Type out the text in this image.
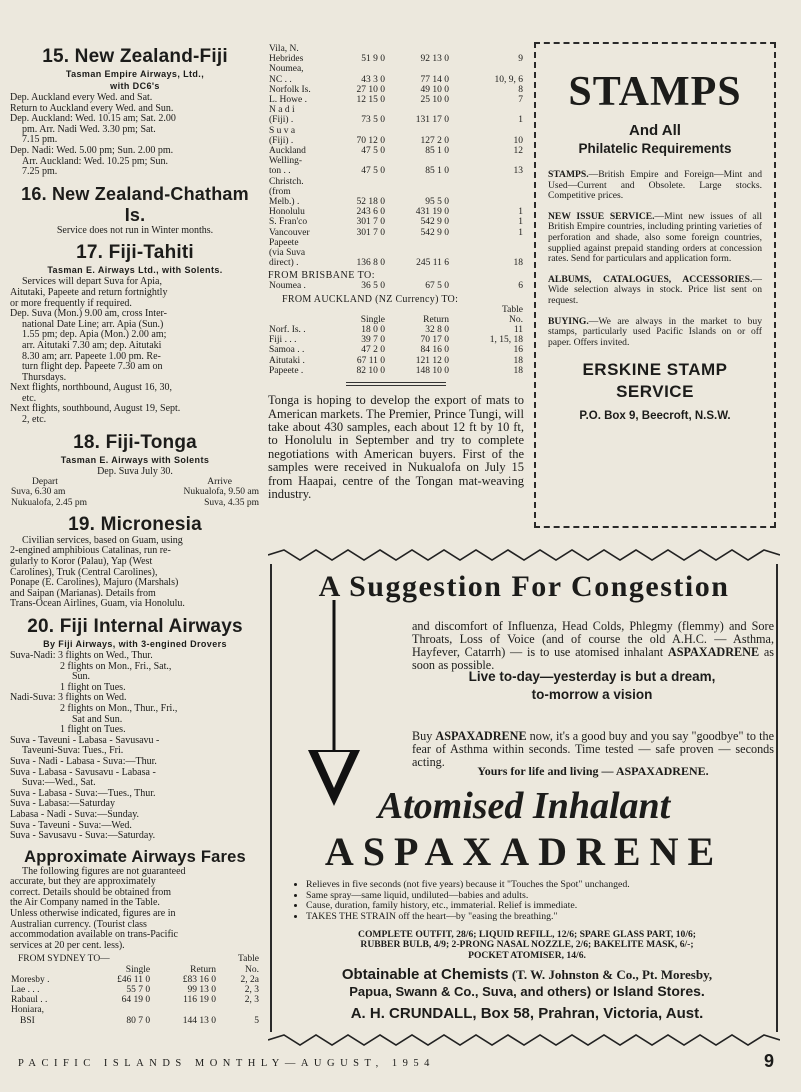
15. New Zealand-Fiji
Tasman Empire Airways, Ltd.,
with DC6's

Dep. Auckland every Wed. and Sat.

Return to Auckland every Wed. and Sun.

Dep. Auckland: Wed. 10.15 am; Sat. 2.00

pm. Arr. Nadi Wed. 3.30 pm; Sat.

7.15 pm.

Dep. Nadi: Wed. 5.00 pm; Sun. 2.00 pm.

Arr. Auckland: Wed. 10.25 pm; Sun.

7.25 pm.

16. New Zealand-Chatham Is.

Service does not run in Winter months.

17. Fiji-Tahiti
Tasman E. Airways Ltd., with Solents.

Services will depart Suva for Apia,

Aitutaki, Papeete and return fortnightly

or more frequently if required.

Dep. Suva (Mon.) 9.00 am, cross Inter-

national Date Line; arr. Apia (Sun.)

1.55 pm; dep. Apia (Mon.) 2.00 am;

arr. Aitutaki 7.30 am; dep. Aitutaki

8.30 am; arr. Papeete 1.00 pm. Re-

turn flight dep. Papeete 7.30 am on

Thursdays.

Next flights, northbound, August 16, 30,

etc.

Next flights, southbound, August 19, Sept.

2, etc.

18. Fiji-Tonga
Tasman E. Airways with Solents

Dep. Suva July 30.

Depart	Arrive
Suva, 6.30 am	Nukualofa, 9.50 am
Nukualofa, 2.45 pm	Suva, 4.35 pm
19. Micronesia

Civilian services, based on Guam, using

2-engined amphibious Catalinas, run re-

gularly to Koror (Palau), Yap (West

Carolines), Truk (Central Carolines),

Ponape (E. Carolines), Majuro (Marshals)

and Saipan (Marianas). Details from

Trans-Ocean Airlines, Guam, via Honolulu.

20. Fiji Internal Airways
By Fiji Airways, with 3-engined Drovers

Suva-Nadi: 3 flights on Wed., Thur.

2 flights on Mon., Fri., Sat.,

Sun.

1 flight on Tues.

Nadi-Suva: 3 flights on Wed.

2 flights on Mon., Thur., Fri.,

Sat and Sun.

1 flight on Tues.

Suva - Taveuni - Labasa - Savusavu -

Taveuni-Suva: Tues., Fri.

Suva - Nadi - Labasa - Suva:—Thur.

Suva - Labasa - Savusavu - Labasa -

Suva:—Wed., Sat.

Suva - Labasa - Suva:—Tues., Thur.

Suva - Labasa:—Saturday

Labasa - Nadi - Suva:—Sunday.

Suva - Taveuni - Suva:—Wed.

Suva - Savusavu - Suva:—Saturday.

Approximate Airways Fares

The following figures are not guaranteed

accurate, but they are approximately

correct. Details should be obtained from

the Air Company named in the Table.

Unless otherwise indicated, figures are in

Australian currency. (Tourist class

accommodation available on trans-Pacific

services at 20 per cent. less).

FROM SYDNEY TO—			Table
	Single	Return	No.
Moresby .	£46 11 0	£83 16 0	2, 2a
Lae . . .	55 7 0	99 13 0	2, 3
Rabaul . .	64 19 0	116 19 0	2, 3
Honiara,			
BSI	80 7 0	144 13 0	5
Vila, N.			
Hebrides	51 9 0	92 13 0	9
Noumea,			
NC . .	43 3 0	77 14 0	10, 9, 6
Norfolk Is.	27 10 0	49 10 0	8
L. Howe .	12 15 0	25 10 0	7
N a d i			
(Fiji) .	73 5 0	131 17 0	1
S u v a			
(Fiji) .	70 12 0	127 2 0	10
Auckland	47 5 0	85 1 0	12
Welling-			
ton . .	47 5 0	85 1 0	13
Christch.			
(from			
Melb.) .	52 18 0	95 5 0	
Honolulu	243 6 0	431 19 0	1
S. Fran'co	301 7 0	542 9 0	1
Vancouver	301 7 0	542 9 0	1
Papeete			
(via Suva			
direct) .	136 8 0	245 11 6	18
FROM BRISBANE TO:
Noumea .	36 5 0	67 5 0	6
FROM AUCKLAND (NZ Currency) TO:
			Table
	Single	Return	No.
Norf. Is. .	18 0 0	32 8 0	11
Fiji . . .	39 7 0	70 17 0	1, 15, 18
Samoa . .	47 2 0	84 16 0	16
Aitutaki .	67 11 0	121 12 0	18
Papeete .	82 10 0	148 10 0	18

Tonga is hoping to develop the export of mats to American markets. The Premier, Prince Tungi, will take about 430 samples, each about 12 ft by 10 ft, to Honolulu in September and try to complete negotiations with American buyers. First of the samples were received in Nukualofa on July 15 from Haapai, centre of the Tongan mat-weaving industry.

STAMPS
And All
Philatelic Requirements

STAMPS.—British Empire and Foreign—Mint and Used—Current and Obsolete. Large stocks. Competitive prices.

NEW ISSUE SERVICE.—Mint new issues of all British Empire countries, including printing varieties of perforation and shade, also some foreign countries, supplied against prepaid standing orders at concession rates. Send for particulars and application form.

ALBUMS, CATALOGUES, ACCESSORIES.—Wide selection always in stock. Price list sent on request.

BUYING.—We are always in the market to buy stamps, particularly used Pacific Islands on or off paper. Offers invited.

ERSKINE STAMP
SERVICE
P.O. Box 9, Beecroft, N.S.W.
A Suggestion For Congestion

and discomfort of Influenza, Head Colds, Phlegmy (flemmy) and Sore Throats, Loss of Voice (and of course the old A.H.C. — Asthma, Hayfever, Catarrh) — is to use atomised inhalant ASPAXADRENE as soon as possible.

Live to-day—yesterday is but a dream,
to-morrow a vision

Buy ASPAXADRENE now, it's a good buy and you say "goodbye" to the fear of Asthma within seconds. Time tested — safe proven — seconds acting.

Yours for life and living — ASPAXADRENE.
Atomised Inhalant
ASPAXADRENE
• Relieves in five seconds (not five years) because it "Touches the Spot" unchanged.
• Same spray—same liquid, undiluted—babies and adults.
• Cause, duration, family history, etc., immaterial. Relief is immediate.
• TAKES THE STRAIN off the heart—by "easing the breathing."
COMPLETE OUTFIT, 28/6; LIQUID REFILL, 12/6; SPARE GLASS PART, 10/6;
RUBBER BULB, 4/9; 2-PRONG NASAL NOZZLE, 2/6; BAKELITE MASK, 6/-;
POCKET ATOMISER, 14/6.
Obtainable at Chemists (T. W. Johnston & Co., Pt. Moresby,
Papua, Swann & Co., Suva, and others) or Island Stores.
A. H. CRUNDALL, Box 58, Prahran, Victoria, Aust.
PACIFIC ISLANDS MONTHLY—AUGUST, 1954	9
